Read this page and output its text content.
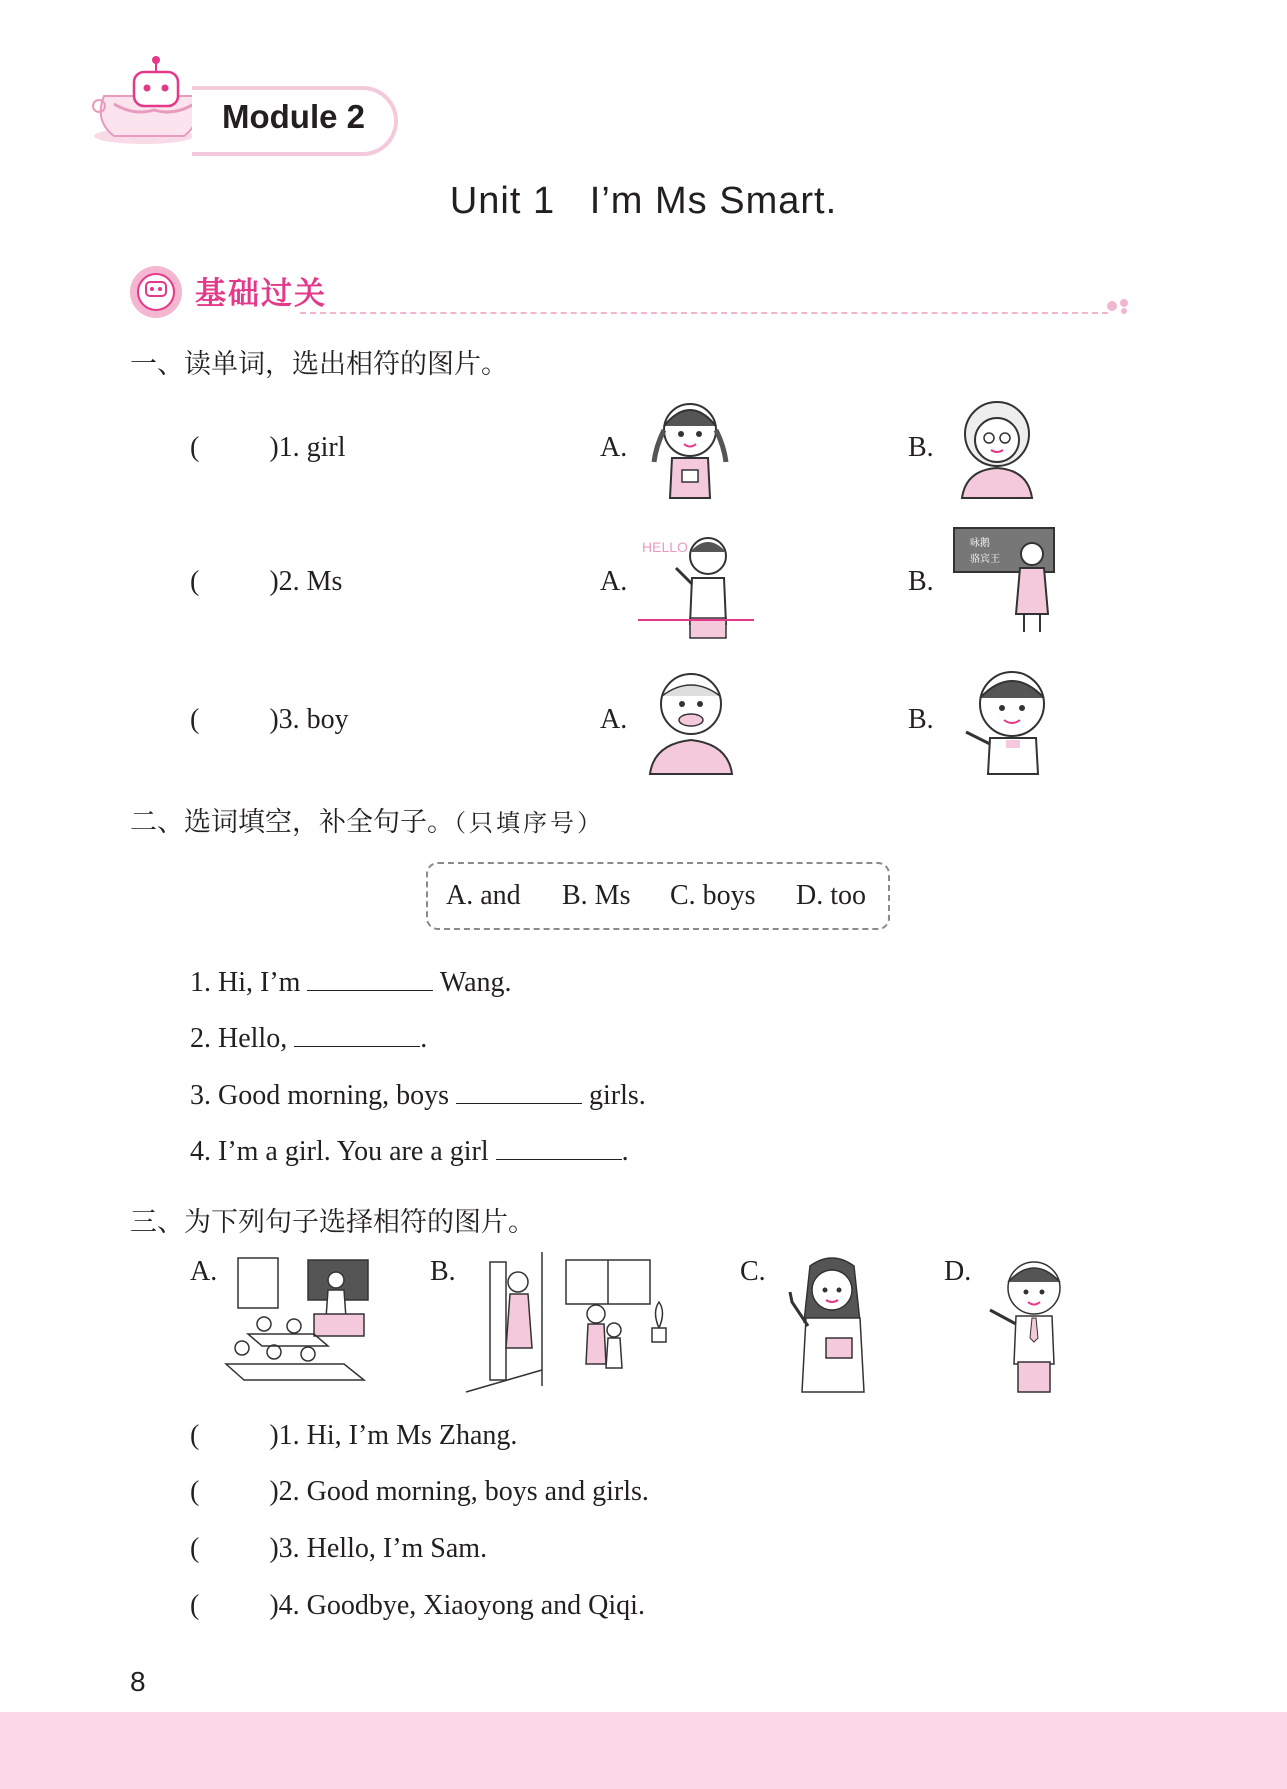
Module 2
Unit 1   I’m Ms Smart.
基础过关
一、读单词，选出相符的图片。
(	)1. girl	A.	B.
(	)2. Ms	A.	B.
HELLO	咏鹅
骆宾王
(	)3. boy	A.	B.
二、选词填空，补全句子。（只填序号）
A. and B. Ms C. boys D. too
1. Hi, I’m	Wang.
2. Hello,	.
3. Good morning, boys	girls.
4. I’m a girl. You are a girl	.
三、为下列句子选择相符的图片。
A.	B.	C.	D.
(	)1. Hi, I’m Ms Zhang.
(	)2. Good morning, boys and girls.
(	)3. Hello, I’m Sam.
(	)4. Goodbye, Xiaoyong and Qiqi.
8
